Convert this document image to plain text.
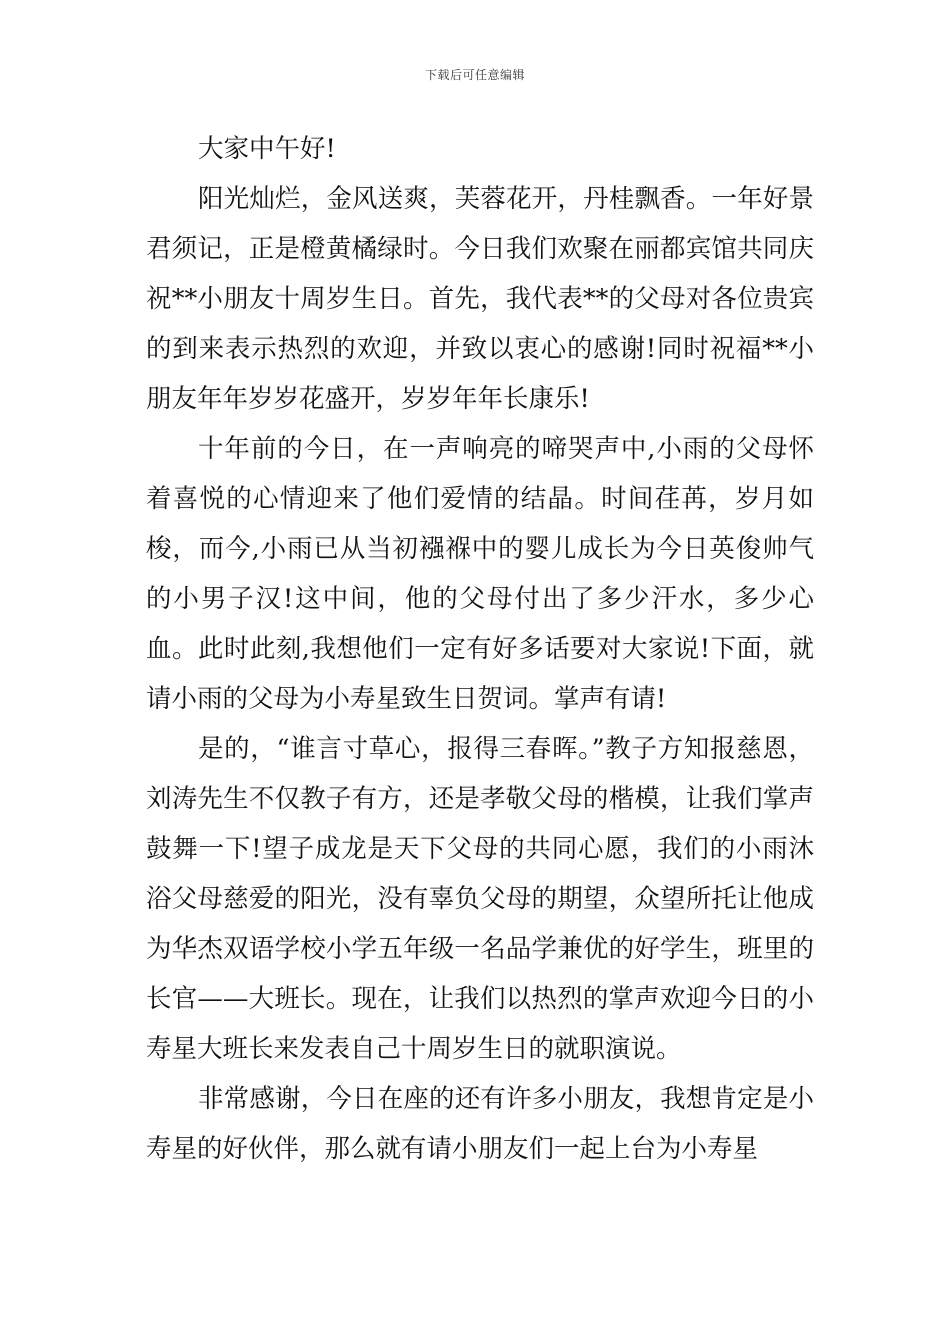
下载后可任意编辑

大家中午好!

阳光灿烂，金风送爽，芙蓉花开，丹桂飘香。一年好景君须记，正是橙黄橘绿时。今日我们欢聚在丽都宾馆共同庆祝**小朋友十周岁生日。首先，我代表**的父母对各位贵宾的到来表示热烈的欢迎，并致以衷心的感谢!同时祝福**小朋友年年岁岁花盛开，岁岁年年长康乐!

十年前的今日，在一声响亮的啼哭声中,小雨的父母怀着喜悦的心情迎来了他们爱情的结晶。时间荏苒，岁月如梭，而今,小雨已从当初襁褓中的婴儿成长为今日英俊帅气的小男子汉!这中间，他的父母付出了多少汗水，多少心血。此时此刻,我想他们一定有好多话要对大家说!下面，就请小雨的父母为小寿星致生日贺词。掌声有请!

是的，“谁言寸草心，报得三春晖。”教子方知报慈恩，刘涛先生不仅教子有方，还是孝敬父母的楷模，让我们掌声鼓舞一下!望子成龙是天下父母的共同心愿，我们的小雨沐浴父母慈爱的阳光，没有辜负父母的期望，众望所托让他成为华杰双语学校小学五年级一名品学兼优的好学生，班里的长官——大班长。现在，让我们以热烈的掌声欢迎今日的小寿星大班长来发表自己十周岁生日的就职演说。

非常感谢，今日在座的还有许多小朋友，我想肯定是小寿星的好伙伴，那么就有请小朋友们一起上台为小寿星
